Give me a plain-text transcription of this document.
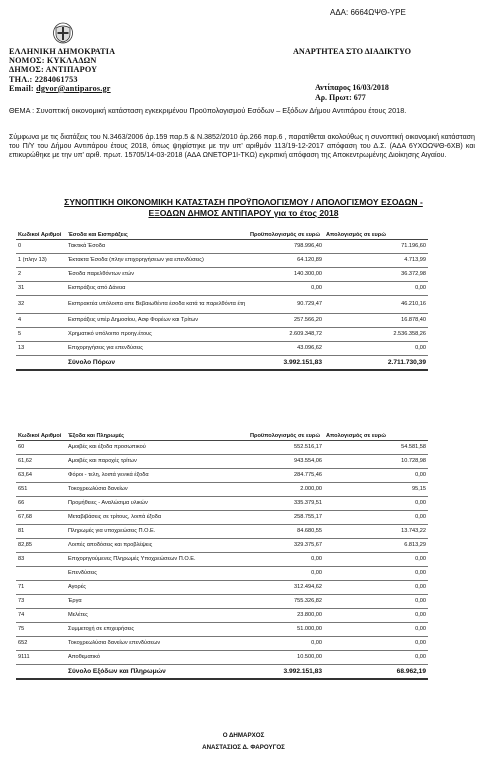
ΑΔΑ: 6664ΩΨΘ-ΥΡΕ
ΕΛΛΗΝΙΚΗ ΔΗΜΟΚΡΑΤΙΑ
ΝΟΜΟΣ: ΚΥΚΛΑΔΩΝ
ΔΗΜΟΣ: ΑΝΤΙΠΑΡΟΥ
ΤΗΛ.: 2284061753
Email: dgvor@antiparos.gr
ΑΝΑΡΤΗΤΕΑ ΣΤΟ ΔΙΑΔΙΚΤΥΟ
Αντίπαρος 16/03/2018
Αρ. Πρωτ: 677
ΘΕΜΑ : Συνοπτική οικονομική κατάσταση εγκεκριμένου Προϋπολογισμού Εσόδων – Εξόδων Δήμου Αντιπάρου έτους 2018.
Σύμφωνα με τις διατάξεις του Ν.3463/2006 άρ.159 παρ.5 & Ν.3852/2010 άρ.266 παρ.6 , παρατίθεται ακολούθως η συνοπτική οικονομική κατάσταση του Π/Υ του Δήμου Αντιπάρου έτους 2018, όπως ψηφίστηκε με την υπ' αριθμόν 113/19-12-2017 απόφαση του Δ.Σ. (ΑΔΑ 6ΥΧΟΩΨΘ-6ΧΒ) και επικυρώθηκε με την υπ' αριθ. πρωτ. 15705/14-03-2018 (ΑΔΑ ΩΝΕΤΟΡ1Ι-ΤΚΩ) εγκριτική απόφαση της Αποκεντρωμένης Διοίκησης Αιγαίου.
ΣΥΝΟΠΤΙΚΗ ΟΙΚΟΝΟΜΙΚΗ ΚΑΤΑΣΤΑΣΗ ΠΡΟΫΠΟΛΟΓΙΣΜΟΥ / ΑΠΟΛΟΓΙΣΜΟΥ ΕΣΟΔΩΝ -
ΕΞΟΔΩΝ ΔΗΜΟΣ ΑΝΤΙΠΑΡΟΥ για το έτος 2018
Κωδικοί Αριθμοί	Έσοδα και Εισπράξεις	Προϋπολογισμός σε ευρώ	Απολογισμός σε ευρώ
0	Τακτικά Έσοδα	798.996,40	71.196,60
1 (πλην 13)	Έκτακτα Έσοδα (πλην επιχορηγήσεων για επενδύσεις)	64.120,89	4.713,99
2	Έσοδα παρελθόντων ετών	140.300,00	36.372,98
31	Εισπράξεις από Δάνεια	0,00	0,00
32	Εισπρακτέα υπόλοιπα απε Βεβαιωθέντα έσοδα κατά τα παρελθόντα έτη	90.729,47	46.210,16
4	Εισπράξεις υπέρ Δημοσίου, Ασφ Φορέων και Τρίτων	257.566,20	16.878,40
5	Χρηματικό υπόλοιπο προηγ.έτους	2.609.348,72	2.536.358,26
13	Επιχορηγήσεις για επενδύσεις	43.096,62	0,00
	Σύνολο Πόρων	3.992.151,83	2.711.730,39
Κωδικοί Αριθμοί	Έξοδα και Πληρωμές	Προϋπολογισμός σε ευρώ	Απολογισμός σε ευρώ
60	Αμοιβές και έξοδα προσωπικού	552.516,17	54.581,58
61,62	Αμοιβές και παροχές τρίτων	943.554,06	10.728,98
63,64	Φόροι - τελη, λοιπά γενικά έξοδα	284.775,46	0,00
651	Τοκοχρεωλύσια δανείων	2.000,00	95,15
66	Προμήθειες - Αναλώσιμα υλικών	335.379,51	0,00
67,68	Μεταβιβάσεις σε τρίτους, λοιπά έξοδα	258.755,17	0,00
81	Πληρωμές για υποχρεώσεις Π.Ο.Ε.	84.680,55	13.743,22
82,85	Λοιπές αποδόσεις και προβλέψεις	329.375,67	6.813,29
83	Επιχορηγούμενες Πληρωμές Υποχρεώσεων Π.Ο.Ε.	0,00	0,00
	Επενδύσεις	0,00	0,00
71	Αγορές	312.494,62	0,00
73	Έργα	755.326,82	0,00
74	Μελέτες	23.800,00	0,00
75	Συμμετοχή σε επιχειρήσεις	51.000,00	0,00
652	Τοκοχρεωλύσια δανείων επενδύσεων	0,00	0,00
9111	Αποθεματικό	10.500,00	0,00
	Σύνολο Εξόδων και Πληρωμών	3.992.151,83	68.962,19
Ο ΔΗΜΑΡΧΟΣ
ΑΝΑΣΤΑΣΙΟΣ Δ. ΦΑΡΟΥΓΟΣ
